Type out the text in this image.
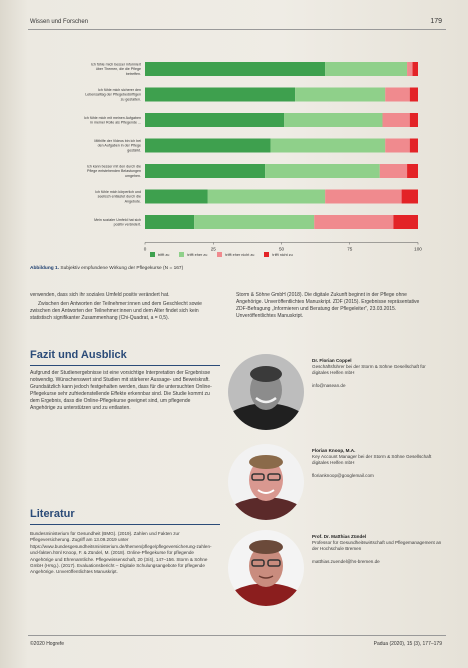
Wissen und Forschen	179
Ich fühle mich besser informiert über Themen, die die Pflege betreffen.
Ich fühle mich sicherer den Lebensalltag der Pflegebedürftigen zu gestalten.
Ich fühle mich mit meinen Aufgaben in meiner Rolle als Pflegende ...
Mithilfe der Videos bin ich bei den Aufgaben in der Pflege gestärkt.
Ich kann besser mit den durch die Pflege entstehenden Belastungen umgehen.
Ich fühle mich körperlich und seelisch entlastet durch die Angebote.
Mein sozialer Umfeld hat sich positiv verändert.
0	25	50	75	100
trifft zu	trifft eher zu	trifft eher nicht zu	trifft nicht zu
Abbildung 1. Subjektiv empfundene Wirkung der Pflegekurse (N = 167)

verwenden, dass sich ihr soziales Umfeld positiv verändert hat.

Zwischen den Antworten der Teilnehmer:innen und dem Geschlecht sowie zwischen den Antworten der Teilnehmer:innen und dem Alter findet sich kein statistisch signifikanter Zusammenhang (Chi-Quadrat, a = 0,5).

Storm & Söhne GmbH (2018). Die digitale Zukunft beginnt in der Pflege ohne Angehörige. Unveröffentlichtes Manuskript. ZDF (2015). Ergebnisse repräsentative ZDF-Befragung „Informieren und Beratung der Pflegeleiter", 23.03.2015. Unveröffentlichtes Manuskript.

Fazit und Ausblick
Aufgrund der Studienergebnisse ist eine vorsichtige Interpretation der Ergebnisse notwendig. Wünschenswert sind Studien mit stärkerer Aussage- und Beweiskraft. Grundsätzlich kann jedoch festgehalten werden, dass für die untersuchten Online-Pflegekurse sehr zufriedenstellende Effekte erkennbar sind. Die Studie kommt zu dem Ergebnis, dass die Online-Pflegekurse geeignet sind, um pflegende Angehörige zu unterstützen und zu entlasten.
Literatur
Bundesministerium für Gesundheit (BMG). (2019). Zahlen und Fakten zur Pflegeversicherung. Zugriff am 13.09.2019 unter https://www.bundesgesundheitsministerium.de/themen/pflege/pflegeversicherung-zahlen-und-fakten.html Knoop, F. & Zündel, M. (2018). Online-Pflegekurse für pflegende Angehörige und Ehrenamtliche. Pflegewissenschaft, 20 (3/4), 147–156. Storm & Söhne GmbH (Hrsg.). (2017). Evaluationsbericht – Digitale Schulungsangebote für pflegende Angehörige. Unveröffentlichtes Manuskript.
Dr. Florian Coppel
Geschäftsführer bei der Storm & Söhne Gesellschaft für digitales Helfen mbH
info@nasean.de
Florian Knoop, M.A.
Key Account Manager bei der Storm & Söhne Gesellschaft digitales Helfen mbH
florianknoop@googlemail.com
Prof. Dr. Matthias Zündel
Professor für Gesundheitswirtschaft und Pflegemanagement an der Hochschule Bremen
matthias.zuendel@hs-bremen.de
©2020 Hogrefe	Padua (2020), 15 (3), 177–179
